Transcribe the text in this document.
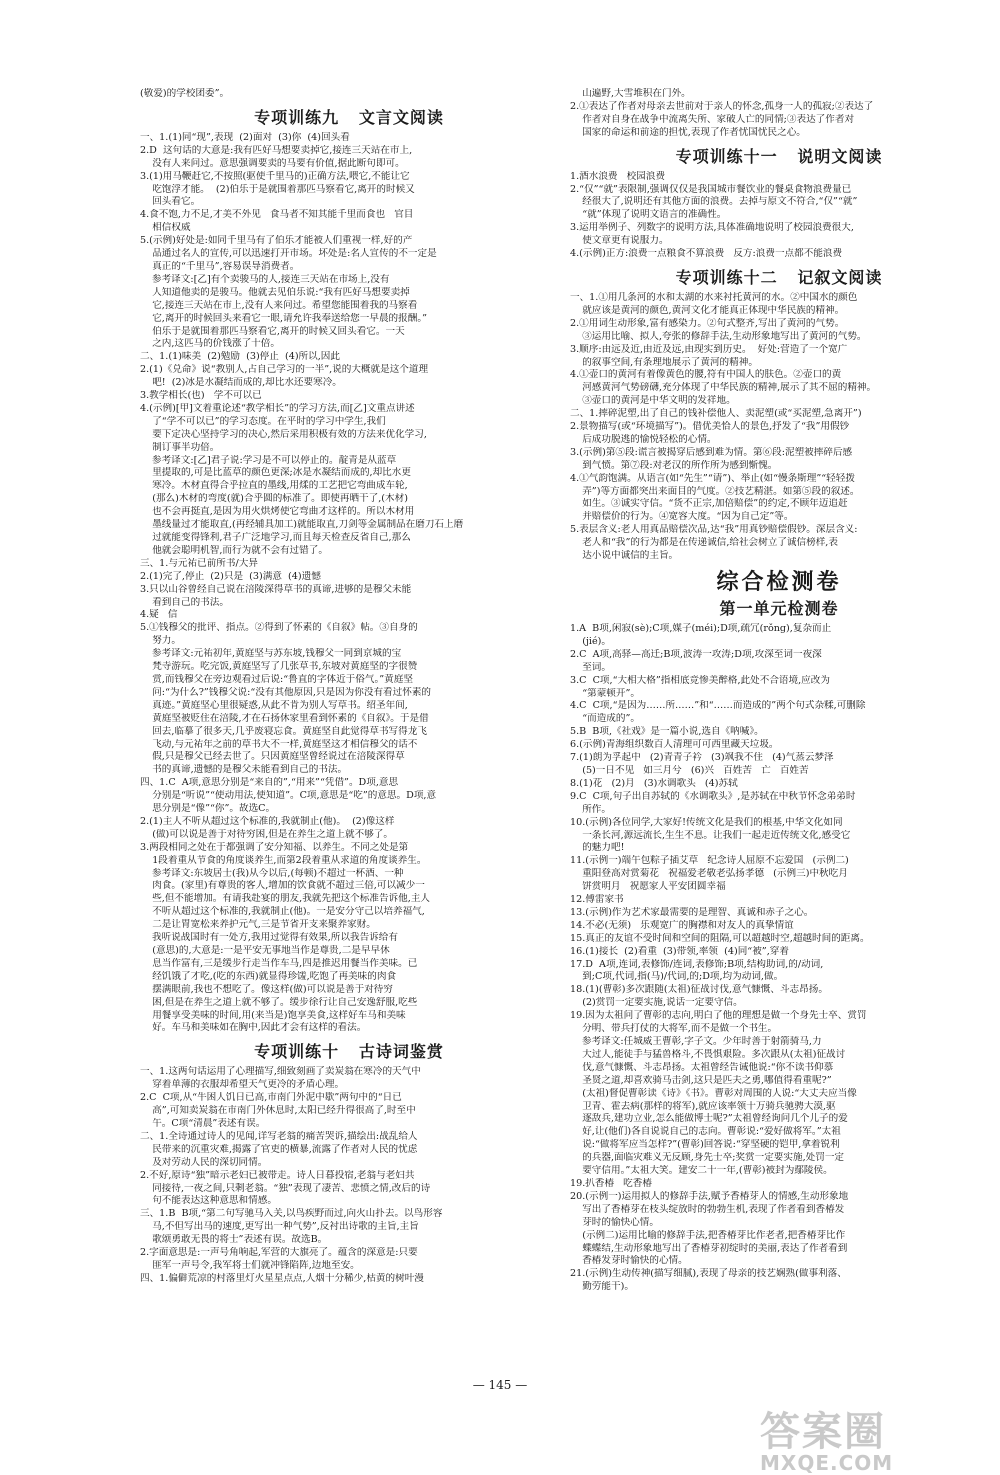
(敬爱)的学校团委”。
专项训练九   文言文阅读
一、1.(1)同“现”,表现  (2)面对  (3)你  (4)回头看
2.D  这句话的大意是:我有匹好马想要卖掉它,接连三天站在市上,
没有人来问过。意思强调要卖的马要有价值,据此断句即可。
3.(1)用马鞭赶它,不按照(驱使千里马的)正确方法,喂它,不能让它
吃饱浮才能。  (2)伯乐于是就围着那匹马察看它,离开的时候又
回头看它。
4.食不饱,力不足,才美不外见   食马者不知其能千里而食也   官目
相信权威
5.(示例)好处是:如同千里马有了伯乐才能被人们重视一样,好的产
品通过名人的宣传,可以迅速打开市场。坏处是:名人宣传的不一定是
真正的“千里马”,容易误导消费者。
参考译文:[乙]有个卖骏马的人,接连三天站在市场上,没有
人知道他卖的是骏马。他就去见伯乐说:“我有匹好马想要卖掉
它,接连三天站在市上,没有人来问过。希望您能围着我的马察看
它,离开的时候回头来看它一眼,请允许我奉送给您一早晨的报酬。”
伯乐于是就围着那匹马察看它,离开的时候又回头看它。一天
之内,这匹马的价钱涨了十倍。
二、1.(1)味美  (2)勉励  (3)停止  (4)所以,因此
2.(1)《兑命》说“教别人,占自己学习的一半”,说的大概就是这个道理
吧!  (2)冰是水凝结而成的,却比水还要寒冷。
3.教学相长(也)   学不可以已
4.(示例)[甲]文着重论述“教学相长”的学习方法,而[乙]文重点讲述
了“学不可以已”的学习态度。在平时的学习中学生,我们
要下定决心坚持学习的决心,然后采用积极有效的方法来优化学习,
制订事半功倍。
参考译文:[乙]君子说:学习是不可以停止的。靛青是从蓝草
里提取的,可是比蓝草的颜色更深;冰是水凝结而成的,却比水更
寒冷。木材直得合乎拉直的墨线,用煣的工艺把它弯曲成车轮,
(那么)木材的弯度(就)合乎圆的标准了。即使再晒干了,(木材)
也不会再挺直,是因为用火烘烤使它弯曲才这样的。所以木材用
墨线量过才能取直,(再经辅具加工)就能取直,刀剑等金属制品在磨刀石上磨
过就能变得锋利,君子广泛地学习,而且每天检查反省自己,那么
他就会聪明机智,而行为就不会有过错了。
三、1.与元祐已前所书/大异
2.(1)完了,停止  (2)只是  (3)满意  (4)遗憾
3.只以山谷曾经自己说在涪陵深得草书的真谛,进够的是穆父未能
看到自己的书法。
4.疑   信
5.①钱穆父的批评、指点。②得到了怀素的《自叙》帖。③自身的
努力。
参考译文:元祐初年,黄庭坚与苏东坡,钱穆父一同到京城的宝
梵寺游玩。吃完饭,黄庭坚写了几张草书,东坡对黄庭坚的字很赞
赏,而钱穆父在旁边观看过后说:“鲁直的字体近于俗气。”黄庭坚
问:“为什么?”钱穆父说:“没有其他原因,只是因为你没有看过怀素的
真迹。”黄庭坚心里很疑惑,从此不肯为别人写草书。绍圣年间,
黄庭坚被贬住在涪陵,才在石扬休家里看到怀素的《自叙》。于是借
回去,临摹了很多天,几乎废寝忘食。黄庭坚自此觉得草书写得龙飞
飞动,与元祐年之前的草书大不一样,黄庭坚这才相信穆父的话不
假,只是穆父已经去世了。只因黄庭坚曾经说过在涪陵深得草
书的真谛,遗憾的是穆父未能看到自己的书法。
四、1.C  A项,意思分别是“来自的”,“用来”“凭借”。D项,意思
分别是“听说”“使动用法,使知道”。C项,意思是“吃”的意思。D项,意
思分别是“像”“你”。故选C。
2.(1)主人不听从超过这个标准的,我就制止(他)。  (2)像这样
(做)可以说是善于对待穷困,但是在养生之道上就不够了。
3.两段相同之处在于都强调了安分知福、以养生。不同之处是第
1段着重从节食的角度谈养生,而第2段着重从求道的角度谈养生。
参考译文:东坡居士(我)从今以后,(每顿)不超过一杯酒、一种
肉食。(家里)有尊贵的客人,增加的饮食就不超过三倍,可以减少一
些,但不能增加。有请我赴宴的朋友,我就先把这个标准告诉他,主人
不听从超过这个标准的,我就制止(他)。一是安分守己以培养福气,
二是让胃宽松来养护元气,三是节省开支来聚养家财。
我听说战国时有一处方,我用过觉得有效果,所以我告诉给有
(意思)的,大意是:一是平安无事地当作是尊贵,二是早早休
息当作富有,三是缓步行走当作车马,四是推迟用餐当作美味。已
经饥饿了才吃,(吃的东西)就显得珍馐,吃饱了再美味的肉食
摆满眼前,我也不想吃了。像这样(做)可以说是善于对待穷
困,但是在养生之道上就不够了。缓步徐行让自己安逸舒服,吃些
用餐享受美味的时间,用(来当是)饱享美食,这样好车马和美味
好。车马和美味如在胸中,因此才会有这样的看法。
专项训练十   古诗词鉴赏
一、1.这两句话运用了心理描写,细致刻画了卖炭翁在寒冷的天气中
穿着单薄的衣服却希望天气更冷的矛盾心理。
2.C  C项,从“牛困人饥日已高,市南门外泥中歇”两句中的“日已
高”,可知卖炭翁在市南门外休息时,太阳已经升得很高了,时至中
午。C项“清晨”表述有误。
二、1.全诗通过诗人的见闻,详写老翁的痛苦哭诉,描绘出:战乱给人
民带来的沉重灾难,揭露了官吏的横暴,流露了作者对人民的忧虑
及对劳动人民的深切同情。
2.不好,原诗“独”暗示老妇已被带走。诗人日暮投宿,老翁与老妇共
同接待,一夜之间,只剩老翁。“独”表现了凄苦、悲愤之情,改后的诗
句不能表达这种意思和情感。
三、1.B  B项,“第二句写驰马入关,以鸟疾野而过,向火山扑去。以鸟形容
马,不但写出马的速度,更写出一种气势”,反衬出诗歌的主旨,主旨
歌颂勇敢无畏的将士”表述有误。故选B。
2.字面意思是:一声号角响起,军营的大旗亮了。蕴含的深意是:只要
匪军一声号令,我军将士们就冲锋陷阵,边地至安。
四、1.偏僻荒凉的村落里灯火星星点点,人烟十分稀少,枯黄的树叶漫
山遍野,大雪堆积在门外。
2.①表达了作者对母亲去世前对于亲人的怀念,孤身一人的孤寂;②表达了
作者对自身在战争中流离失所、家破人亡的同情;③表达了作者对
国家的命运和前途的担忧,表现了作者忧国忧民之心。
专项训练十一   说明文阅读
1.酒水浪费   校园浪费
2.“仅”“就”表限制,强调仅仅是我国城市餐饮业的餐桌食物浪费量已
经很大了,说明还有其他方面的浪费。去掉与原文不符合,“仅”“就”
“就”体现了说明文语言的准确性。
3.运用举例子、列数字的说明方法,具体准确地说明了校园浪费很大,
使文章更有说服力。
4.(示例)正方:浪费一点粮食不算浪费   反方:浪费一点都不能浪费
专项训练十二   记叙文阅读
一、1.①用几条河的水和太湖的水来衬托黄河的水。②中国水的颜色
就应该是黄河的颜色,黄河文化才能真正体现中华民族的精神。
2.①用词生动形象,富有感染力。②句式整齐,写出了黄河的气势。
③运用比喻、拟人,夸张的修辞手法,生动形象地写出了黄河的气势。
3.顺序:由远及近,由近及远,由现实到历史。  好处:营造了一个宽广
的叙事空间,有条理地展示了黄河的精神。
4.①壶口的黄河有着像黄色的腰,符有中国人的肤色。②壶口的黄
河感黄河气势磅礴,充分体现了中华民族的精神,展示了其不屈的精神。
③壶口的黄河是中华文明的发祥地。
二、1.摔碎泥塑,出了自己的钱补偿他人、卖泥塑(或“买泥塑,急离开”)
2.景物描写(或“环境描写”)。借优美恰人的景色,抒发了“我”用假钞
后成功脱逃的愉悦轻松的心情。
3.(示例)第⑤段:谎言被揭穿后感到难为情。第⑥段:泥塑被摔碎后感
到气愤。第⑦段:对老汉的所作所为感到惭愧。
4.①气韵饱满。从语言(如“先生”“请”)、举止(如“慢条斯理”“轻轻拨
弄”)等方面都突出来面目的气度。②技艺精湛。如第⑤段的叙述。
如生。③诚实守信。“货不正宗,加倍赔偿”的约定,不顾年迈追赶
并赔偿价的行为。④宽容大度。“因为自己定”等。
5.表层含义:老人用真品赔偿次品,达“我”用真钞赔偿假钞。深层含义:
老人和“我”的行为都是在传递诚信,给社会树立了诚信榜样,表
达小说中诚信的主旨。
综合检测卷
第一单元检测卷
1.A  B项,闲寂(sè);C项,媒子(méi);D项,疏冗(rǒng),复杂而止
(jié)。
2.C  A项,高驿—高迁;B项,波涛一攻涛;D项,攻深至词一夜深
至词。
3.C  C项,“大相大格”指相底竞惨美醉格,此处不合语境,应改为
“第蒙顿开”。
4.C  C项,“是因为……所……”和“……而造成的”两个句式杂糅,可删除
“而造成的”。
5.B  B项,《社戏》是一篇小说,选自《呐喊》。
6.(示例)青海组织数百人清理可可西里藏天垃圾。
7.(1)朗为孚起中   (2)青青子衿   (3)飒我不住   (4)气蒸云梦泽
(5)一日不见   如三月兮   (6)兴   百姓苦   亡   百姓苦
8.(1)花   (2)月   (3)水调歌头   (4)苏轼
9.C  C项,句子出自苏轼的《水调歌头》,是苏轼在中秋节怀念弟弟时
所作。
10.(示例)各位同学,大家好!传统文化是我们的根基,中华文化如同
一条长河,源远流长,生生不息。让我们一起走近传统文化,感受它
的魅力吧!
11.(示例一)端午包粽子插艾草   纪念诗人屈原不忘爱国   (示例二)
重阳登高对赏菊花   祝福爱老敬老弘扬孝德   (示例三)中秋吃月
饼赏明月   祝愿家人平安团圆幸福
12.傅雷家书
13.(示例)作为艺术家最需要的是理智、真诚和赤子之心。
14.不必(无须)   乐观宽广的胸襟和对友人的真挚情谊
15.真正的友谊不受时间和空间的阻隔,可以超越时空,超越时间的距离。
16.(1)接长  (2)看重  (3)带领,率领  (4)同“被”,穿着
17.D  A项,连词,表修饰/连词,表修饰;B项,结构助词,的/动词,
到;C项,代词,指(马)/代词,的;D项,均为动词,做。
18.(1)(曹彰)多次跟随(太祖)征战讨伐,意气慷慨、斗志昂扬。
(2)赏罚一定要实施,说话一定要守信。
19.因为太祖问了曹彰的志向,明白了他的理想是做一个身先士卒、赏罚
分明、带兵打仗的大将军,而不是做一个书生。
参考译文:任城威王曹彰,字子文。少年时善于射箭骑马,力
大过人,能徒手与猛兽格斗,不畏惧艰险。多次跟从(太祖)征战讨
伐,意气慷慨、斗志昂扬。太祖曾经告诫他说:“你不读书仰慕
圣贤之道,却喜欢骑马击剑,这只是匹夫之勇,哪值得看重呢?”
(太祖)督促曹彰读《诗》《书》。曹彰对周围的人说:“大丈夫应当像
卫青、霍去病(那样的将军),就应该率领十万骑兵驰骋大漠,驱
逐敌兵,建功立业,怎么能做博士呢?”太祖曾经询问几个儿子的爱
好,让(他们)各自说说自己的志向。曹彰说:“爱好做将军。”太祖
说:“做将军应当怎样?”(曹彰)回答说:“穿坚硬的铠甲,拿着锐利
的兵器,面临灾难义无反顾,身先士卒;奖赏一定要实施,处罚一定
要守信用。”太祖大笑。建安二十一年,(曹彰)被封为鄢陵侯。
19.扒香椿   吃香椿
20.(示例一)运用拟人的修辞手法,赋予香椿芽人的情感,生动形象地
写出了香椿芽在枝头绽放时的勃勃生机,表现了作者看到香椿发
芽时的愉快心情。
(示例二)运用比喻的修辞手法,把香椿芽比作老者,把香椿芽比作
蝶蝶结,生动形象地写出了香椿芽初绽时的美丽,表达了作者看到
香椿发芽时愉快的心情。
21.(示例)生动传神(描写细腻),表现了母亲的技艺娴熟(做事利落、
勤劳能干)。
— 145 —
答案圈
MXQE.COM
